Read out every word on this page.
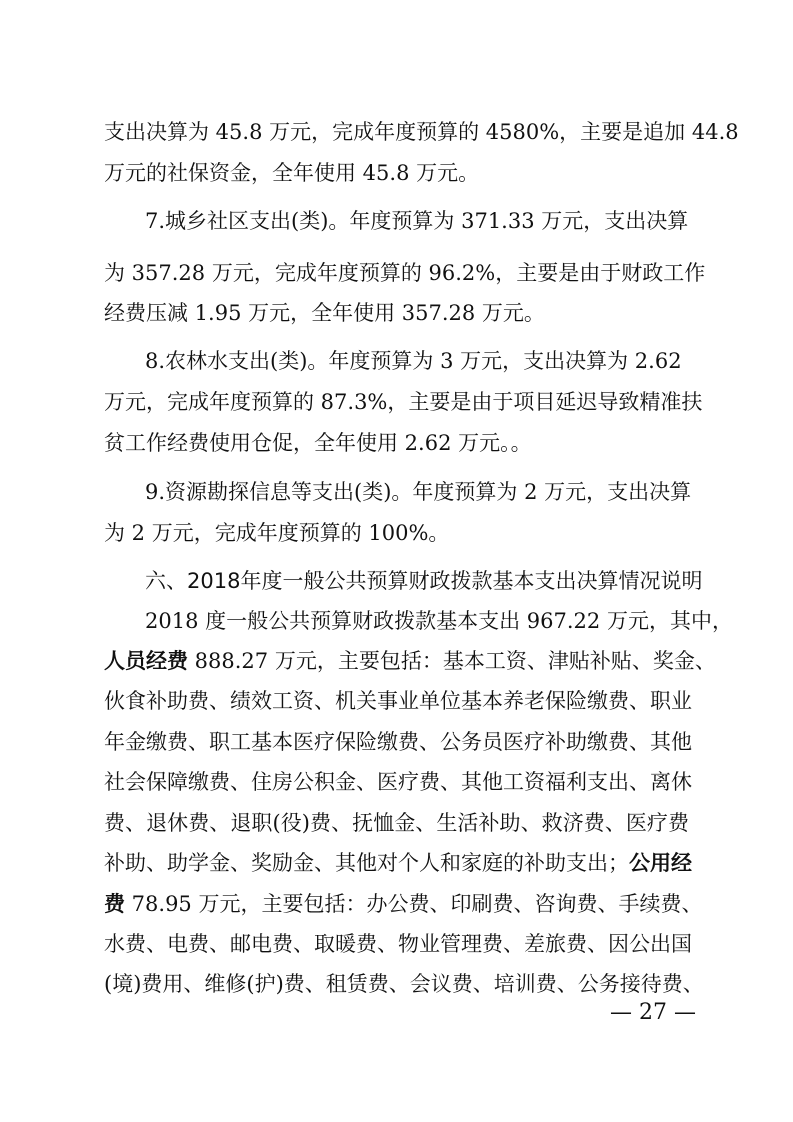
支出决算为 45.8 万元，完成年度预算的 4580%，主要是追加 44.8
万元的社保资金，全年使用 45.8 万元。
7.城乡社区支出(类)。年度预算为 371.33 万元，支出决算
为 357.28 万元，完成年度预算的 96.2%，主要是由于财政工作
经费压减 1.95 万元，全年使用 357.28 万元。
8.农林水支出(类)。年度预算为 3 万元，支出决算为 2.62
万元，完成年度预算的 87.3%，主要是由于项目延迟导致精准扶
贫工作经费使用仓促，全年使用 2.62 万元。。
9.资源勘探信息等支出(类)。年度预算为 2 万元，支出决算
为 2 万元，完成年度预算的 100%。
六、2018年度一般公共预算财政拨款基本支出决算情况说明
2018 度一般公共预算财政拨款基本支出 967.22 万元，其中，
人员经费 888.27 万元，主要包括：基本工资、津贴补贴、奖金、
伙食补助费、绩效工资、机关事业单位基本养老保险缴费、职业
年金缴费、职工基本医疗保险缴费、公务员医疗补助缴费、其他
社会保障缴费、住房公积金、医疗费、其他工资福利支出、离休
费、退休费、退职(役)费、抚恤金、生活补助、救济费、医疗费
补助、助学金、奖励金、其他对个人和家庭的补助支出；公用经
费 78.95 万元，主要包括：办公费、印刷费、咨询费、手续费、
水费、电费、邮电费、取暖费、物业管理费、差旅费、因公出国
(境)费用、维修(护)费、租赁费、会议费、培训费、公务接待费、
— 27 —
